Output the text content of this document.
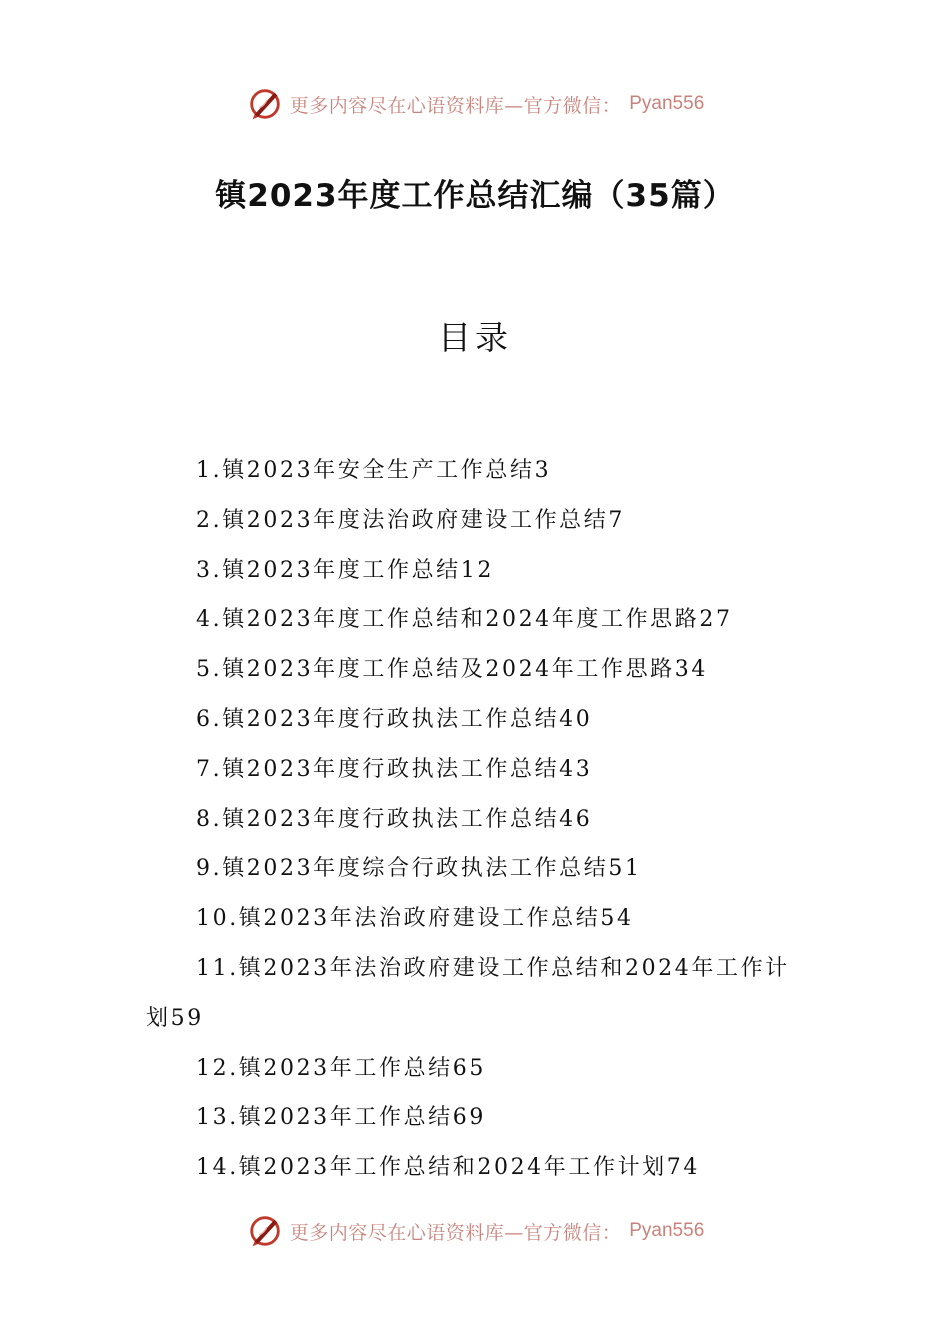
更多内容尽在心语资料库—官方微信： Pyan556
镇2023年度工作总结汇编（35篇）
目录
1.镇2023年安全生产工作总结3
2.镇2023年度法治政府建设工作总结7
3.镇2023年度工作总结12
4.镇2023年度工作总结和2024年度工作思路27
5.镇2023年度工作总结及2024年工作思路34
6.镇2023年度行政执法工作总结40
7.镇2023年度行政执法工作总结43
8.镇2023年度行政执法工作总结46
9.镇2023年度综合行政执法工作总结51
10.镇2023年法治政府建设工作总结54
11.镇2023年法治政府建设工作总结和2024年工作计划59
12.镇2023年工作总结65
13.镇2023年工作总结69
14.镇2023年工作总结和2024年工作计划74
更多内容尽在心语资料库—官方微信： Pyan556
